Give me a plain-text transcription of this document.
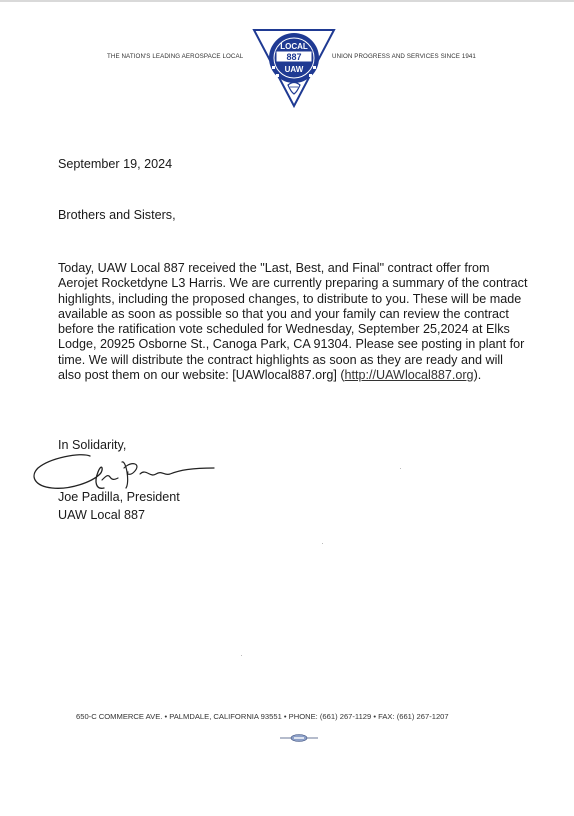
THE NATION'S LEADING AEROSPACE LOCAL	UNION PROGRESS AND SERVICES SINCE 1941
LOCAL
887
UAW
September 19, 2024
Brothers and Sisters,
Today, UAW Local 887 received the "Last, Best, and Final" contract offer from Aerojet Rocketdyne L3 Harris. We are currently preparing a summary of the contract highlights, including the proposed changes, to distribute to you. These will be made available as soon as possible so that you and your family can review the contract before the ratification vote scheduled for Wednesday, September 25,2024 at Elks Lodge, 20925 Osborne St., Canoga Park, CA 91304. Please see posting in plant for time. We will distribute the contract highlights as soon as they are ready and will also post them on our website: [UAWlocal887.org] (http://UAWlocal887.org).
In Solidarity,
Joe Padilla, President
UAW Local 887
650-C COMMERCE AVE. • PALMDALE, CALIFORNIA 93551 • PHONE: (661) 267-1129 • FAX: (661) 267-1207
